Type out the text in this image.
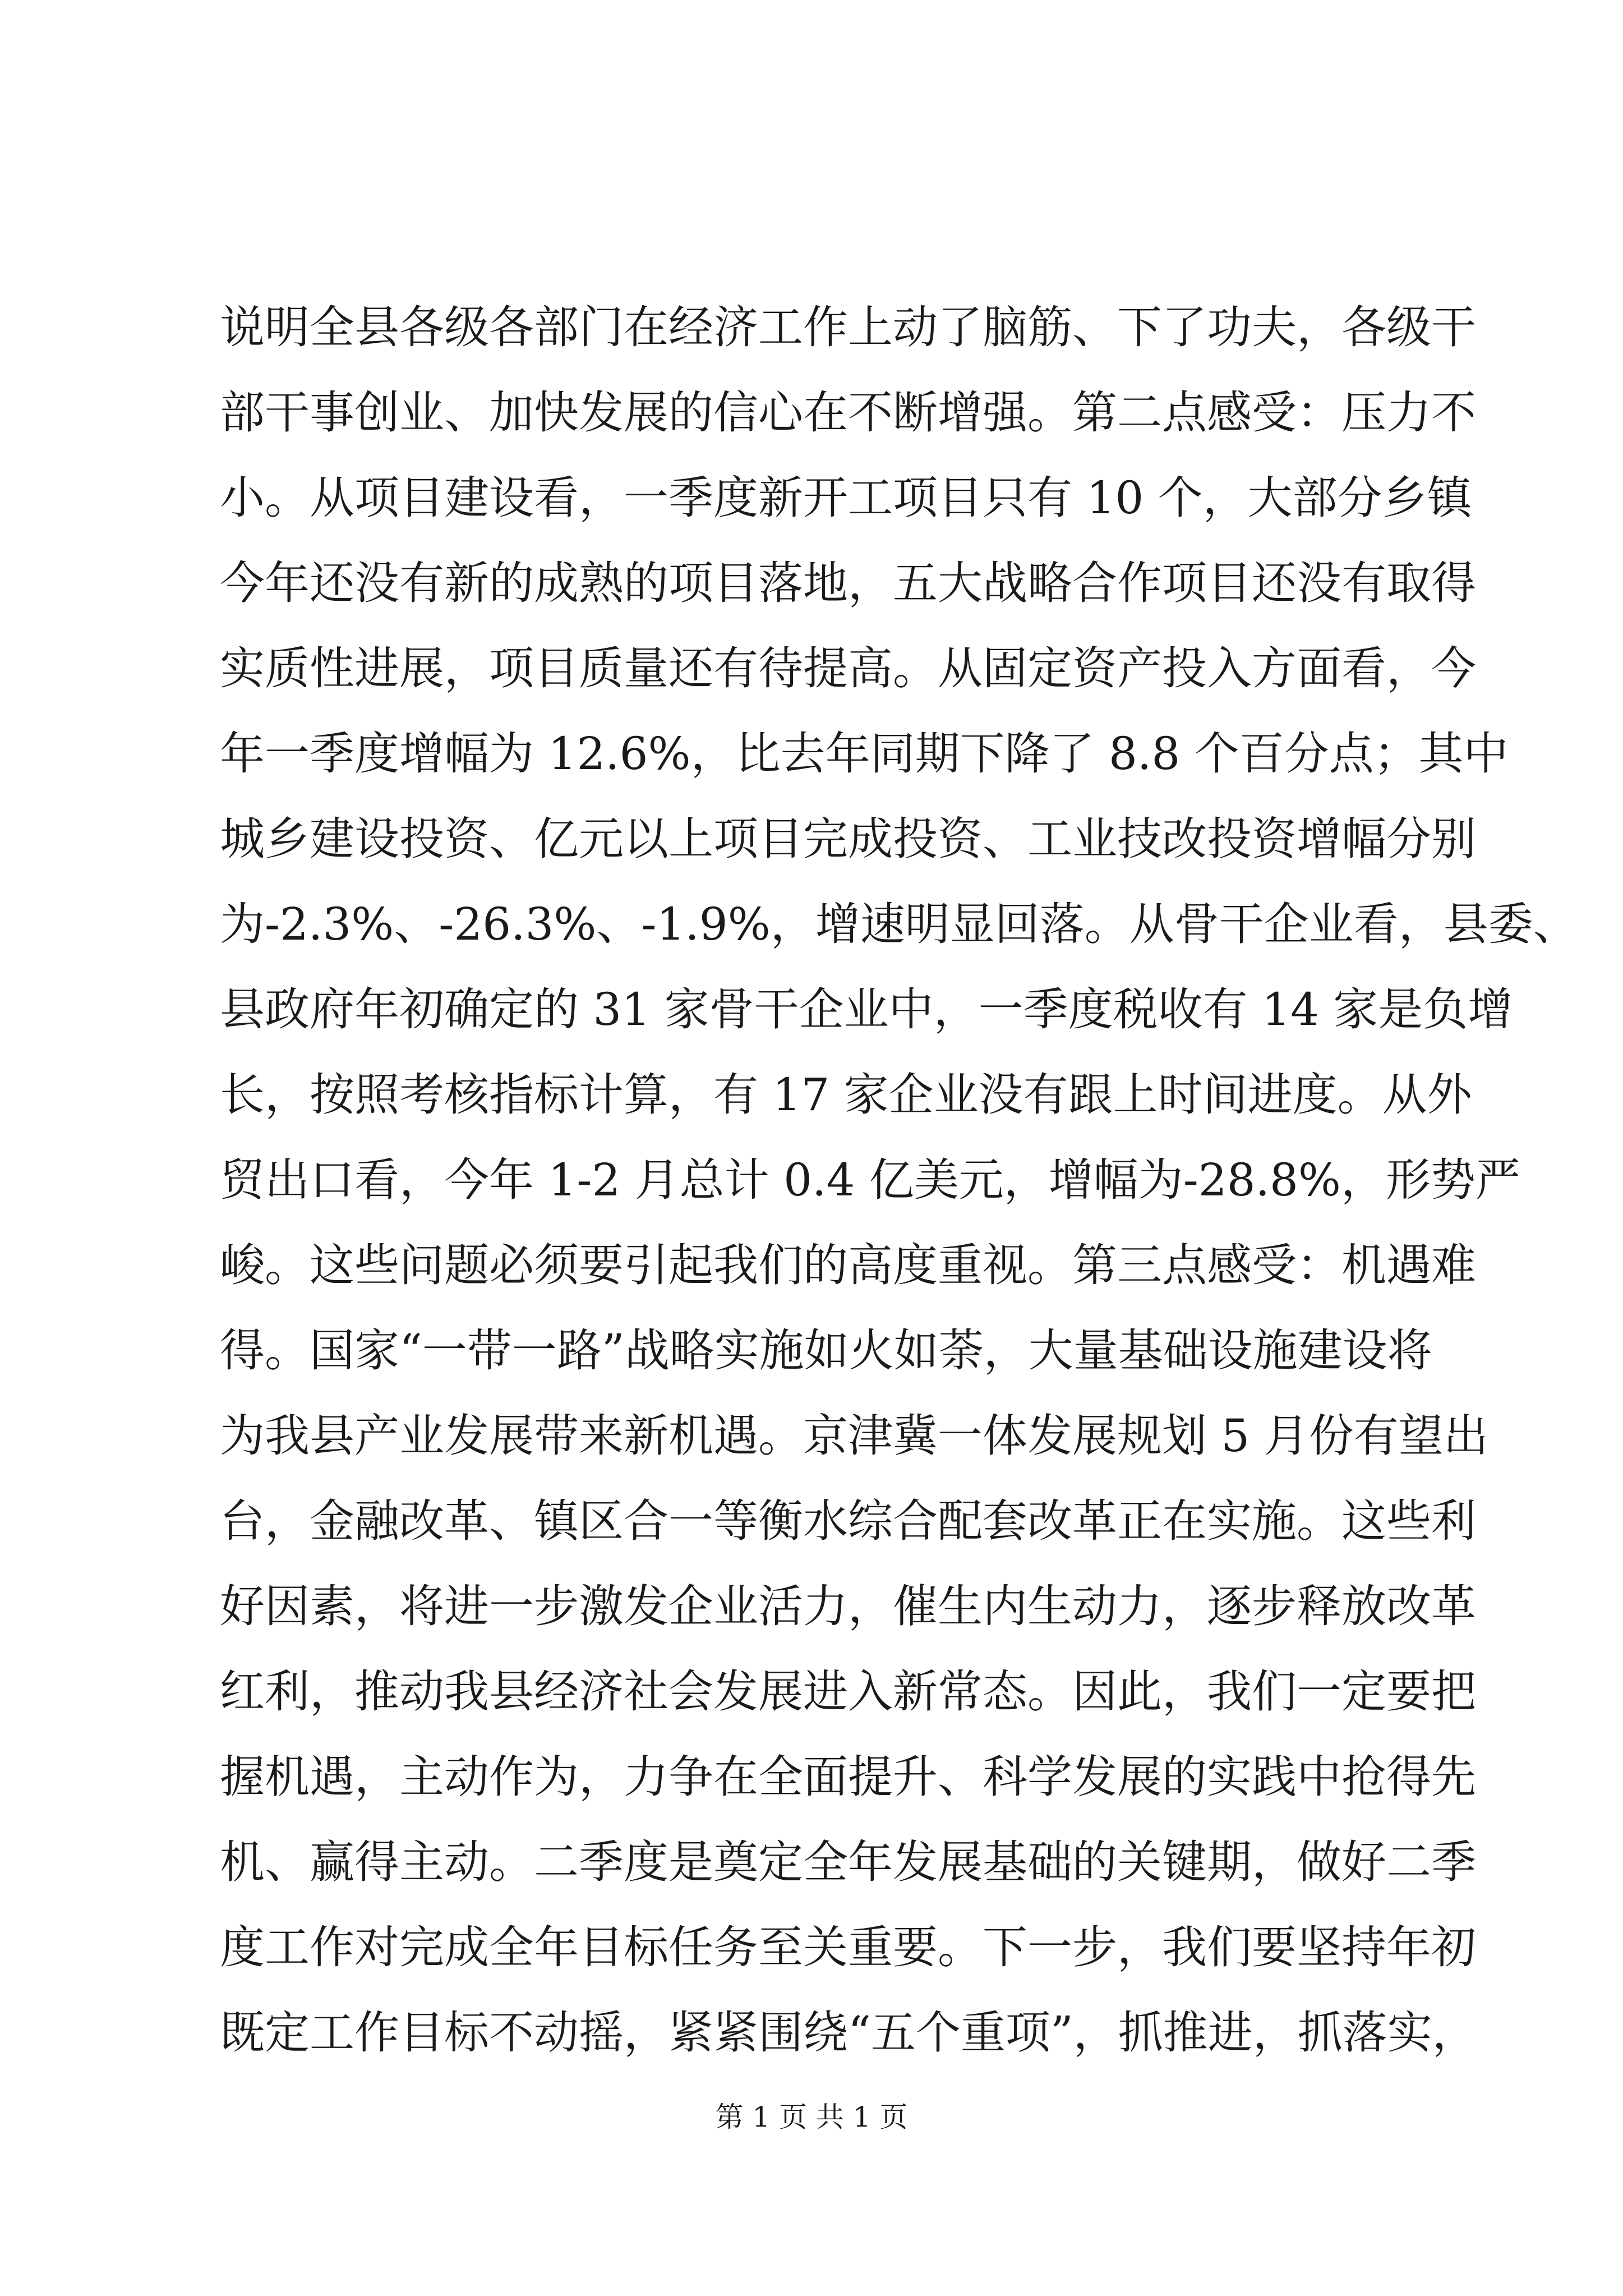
说明全县各级各部门在经济工作上动了脑筋、下了功夫，各级干
部干事创业、加快发展的信心在不断增强。第二点感受：压力不
小。从项目建设看，一季度新开工项目只有 10 个，大部分乡镇
今年还没有新的成熟的项目落地，五大战略合作项目还没有取得
实质性进展，项目质量还有待提高。从固定资产投入方面看，今
年一季度增幅为 12.6%，比去年同期下降了 8.8 个百分点；其中
城乡建设投资、亿元以上项目完成投资、工业技改投资增幅分别
为-2.3%、-26.3%、-1.9%，增速明显回落。从骨干企业看，县委、
县政府年初确定的 31 家骨干企业中，一季度税收有 14 家是负增
长，按照考核指标计算，有 17 家企业没有跟上时间进度。从外
贸出口看，今年 1-2 月总计 0.4 亿美元，增幅为-28.8%，形势严
峻。这些问题必须要引起我们的高度重视。第三点感受：机遇难
得。国家“一带一路”战略实施如火如荼，大量基础设施建设将
为我县产业发展带来新机遇。京津冀一体发展规划 5 月份有望出
台，金融改革、镇区合一等衡水综合配套改革正在实施。这些利
好因素，将进一步激发企业活力，催生内生动力，逐步释放改革
红利，推动我县经济社会发展进入新常态。因此，我们一定要把
握机遇，主动作为，力争在全面提升、科学发展的实践中抢得先
机、赢得主动。二季度是奠定全年发展基础的关键期，做好二季
度工作对完成全年目标任务至关重要。下一步，我们要坚持年初
既定工作目标不动摇，紧紧围绕“五个重项”，抓推进，抓落实，
第 1 页 共 1 页
